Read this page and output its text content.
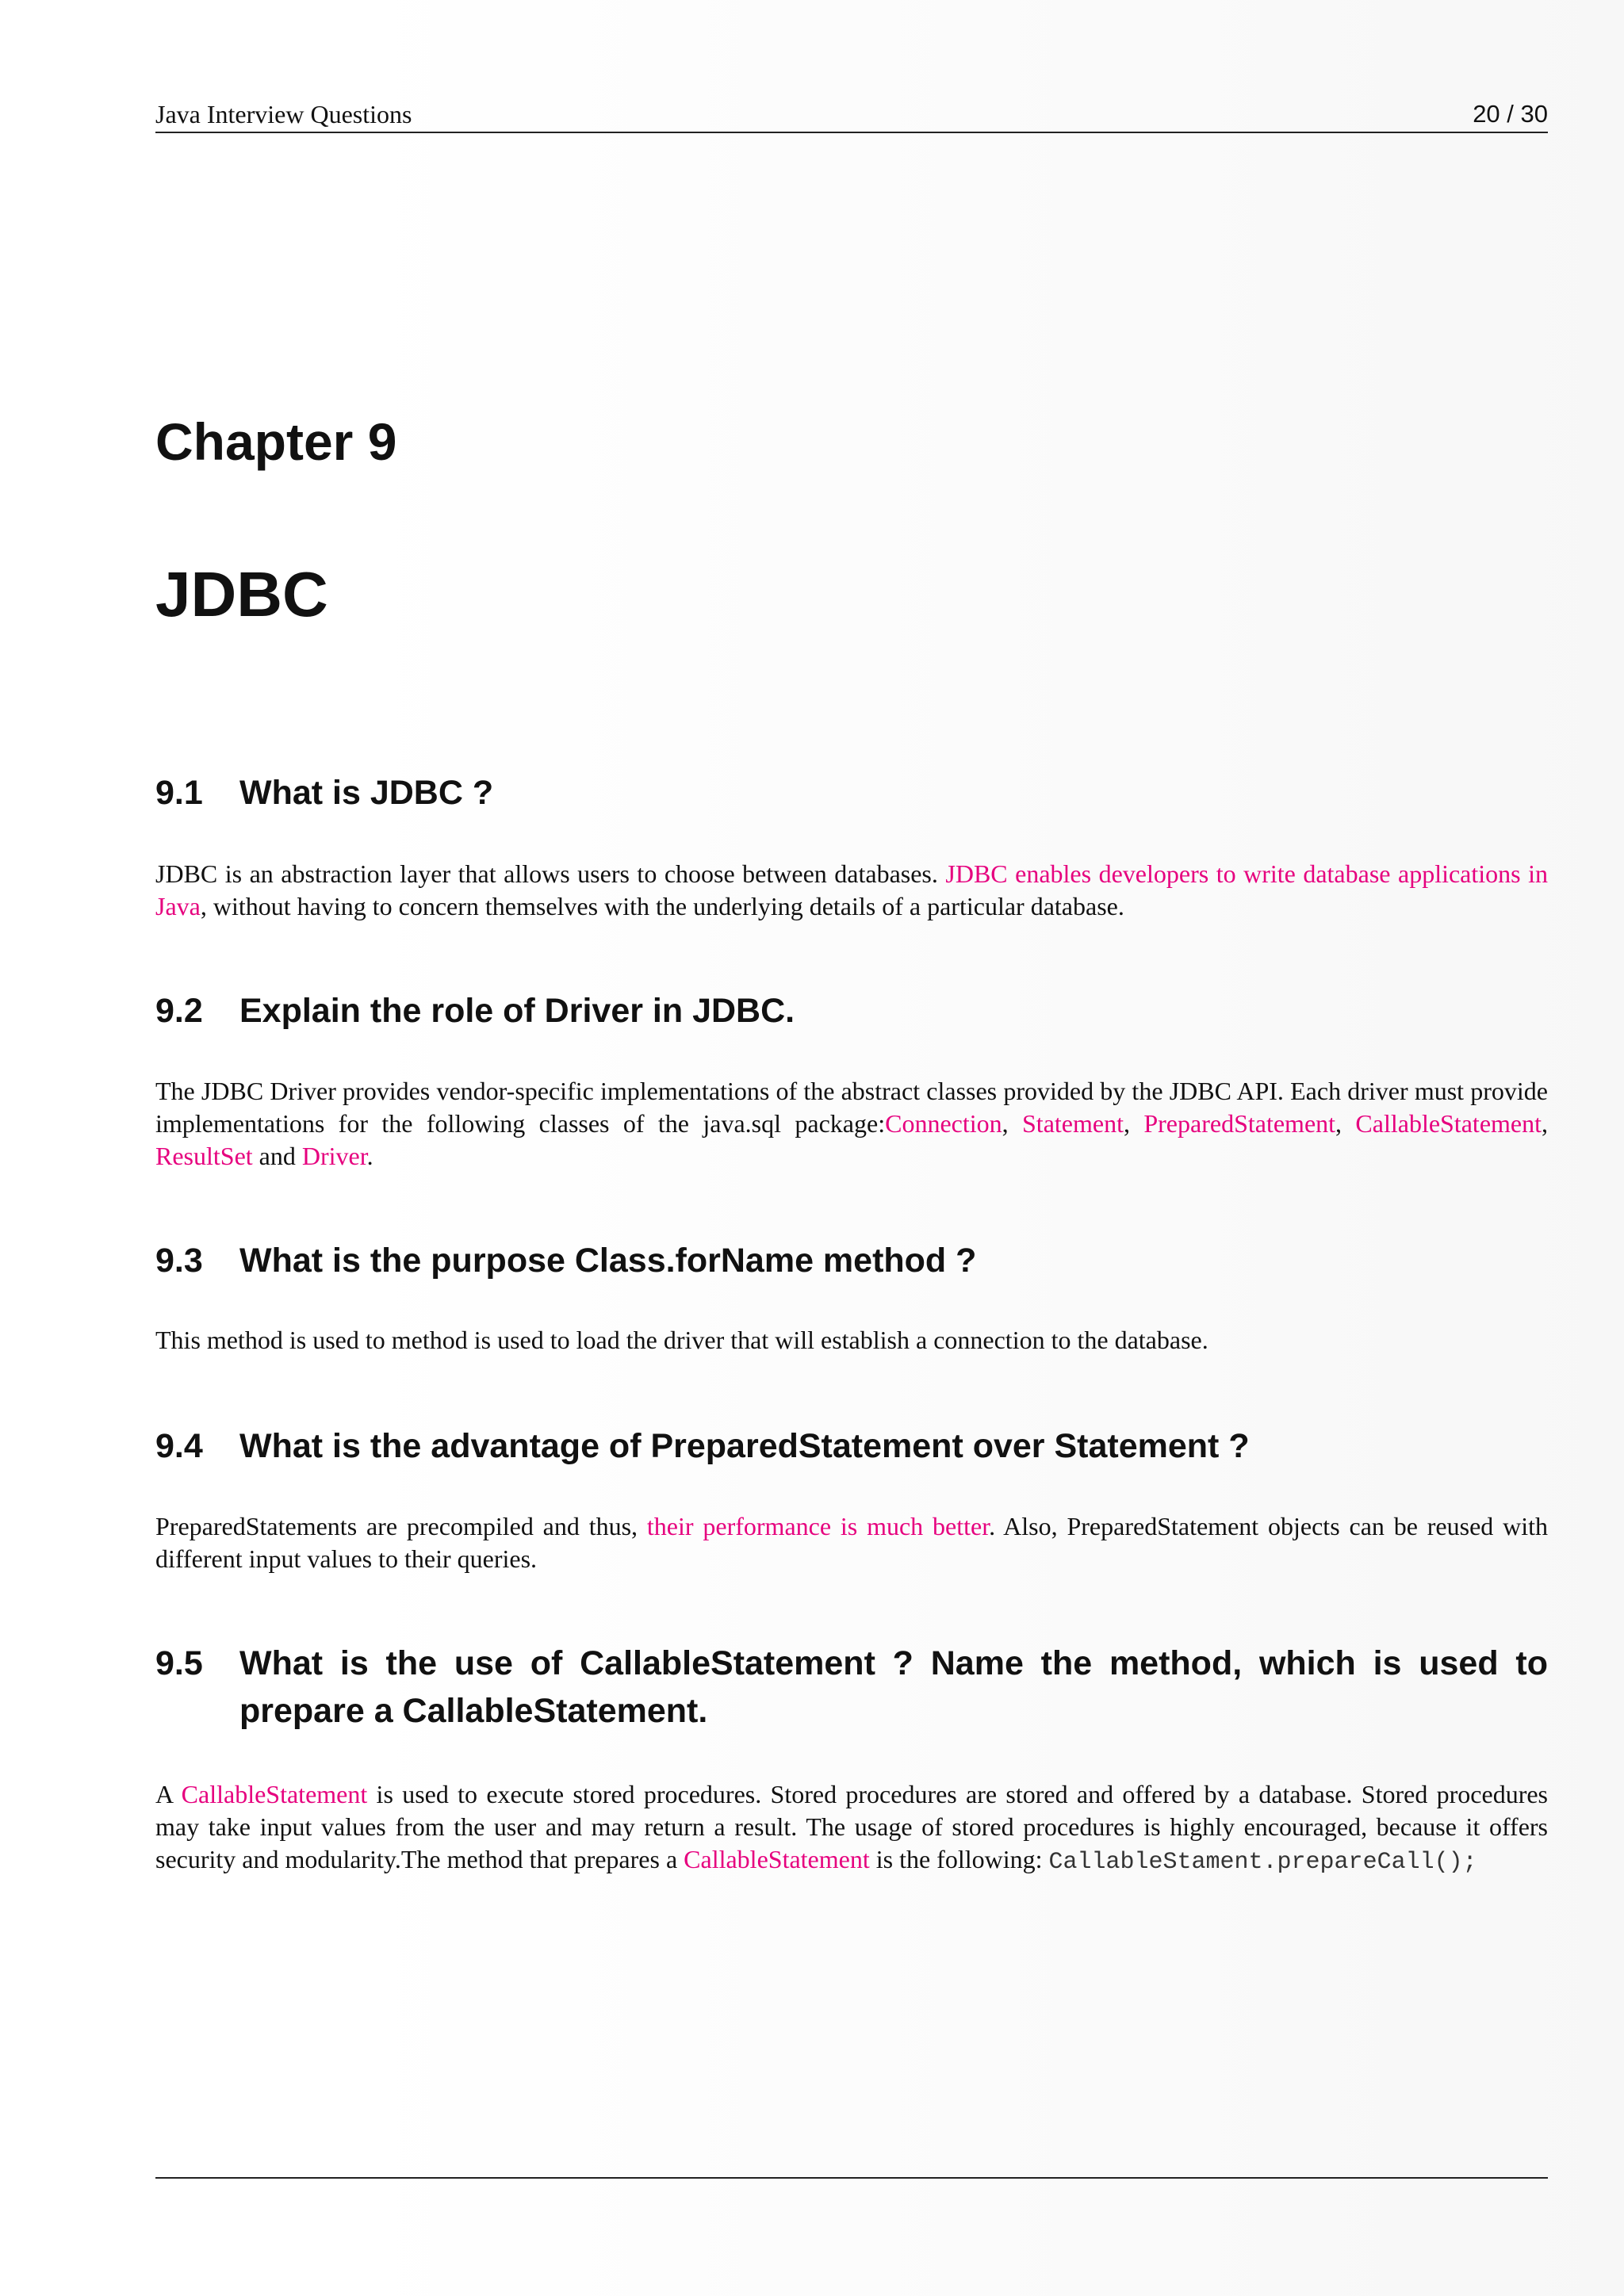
Java Interview Questions	20 / 30
Chapter 9
JDBC
9.1	What is JDBC ?

JDBC is an abstraction layer that allows users to choose between databases. JDBC enables developers to write database applications in Java, without having to concern themselves with the underlying details of a particular database.

9.2	Explain the role of Driver in JDBC.

The JDBC Driver provides vendor-specific implementations of the abstract classes provided by the JDBC API. Each driver must provide implementations for the following classes of the java.sql package:Connection, Statement, PreparedStatement, CallableStatement, ResultSet and Driver.

9.3	What is the purpose Class.forName method ?

This method is used to method is used to load the driver that will establish a connection to the database.

9.4	What is the advantage of PreparedStatement over Statement ?

PreparedStatements are precompiled and thus, their performance is much better. Also, PreparedStatement objects can be reused with different input values to their queries.

9.5	What is the use of CallableStatement ? Name the method, which is used to prepare a CallableStatement.

A CallableStatement is used to execute stored procedures. Stored procedures are stored and offered by a database. Stored procedures may take input values from the user and may return a result. The usage of stored procedures is highly encouraged, because it offers security and modularity.The method that prepares a CallableStatement is the following: CallableStament.prepareCall();
